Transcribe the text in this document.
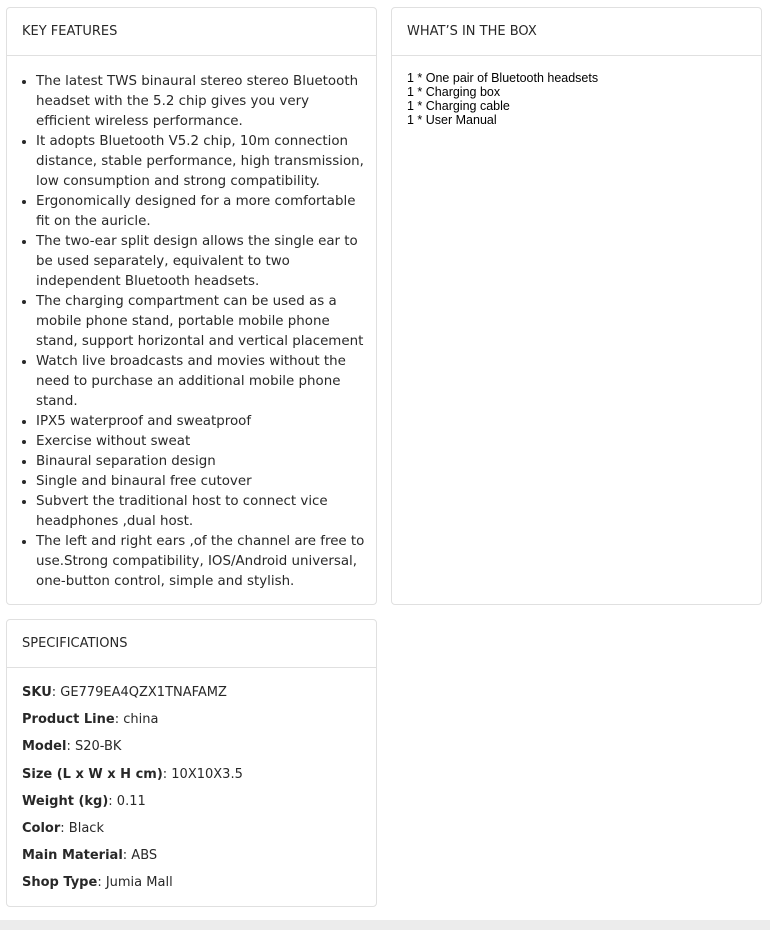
KEY FEATURES
• The latest TWS binaural stereo stereo Bluetooth headset with the 5.2 chip gives you very efficient wireless performance.
• It adopts Bluetooth V5.2 chip, 10m connection distance, stable performance, high transmission, low consumption and strong compatibility.
• Ergonomically designed for a more comfortable fit on the auricle.
• The two-ear split design allows the single ear to be used separately, equivalent to two independent Bluetooth headsets.
• The charging compartment can be used as a mobile phone stand, portable mobile phone stand, support horizontal and vertical placement
• Watch live broadcasts and movies without the need to purchase an additional mobile phone stand.
• IPX5 waterproof and sweatproof
• Exercise without sweat
• Binaural separation design
• Single and binaural free cutover
• Subvert the traditional host to connect vice headphones ,dual host.
• The left and right ears ,of the channel are free to use.Strong compatibility, IOS/Android universal, one-button control, simple and stylish.
WHAT’S IN THE BOX
1 * One pair of Bluetooth headsets
1 * Charging box
1 * Charging cable
1 * User Manual
SPECIFICATIONS
SKU: GE779EA4QZX1TNAFAMZ
Product Line: china
Model: S20-BK
Size (L x W x H cm): 10X10X3.5
Weight (kg): 0.11
Color: Black
Main Material: ABS
Shop Type: Jumia Mall
